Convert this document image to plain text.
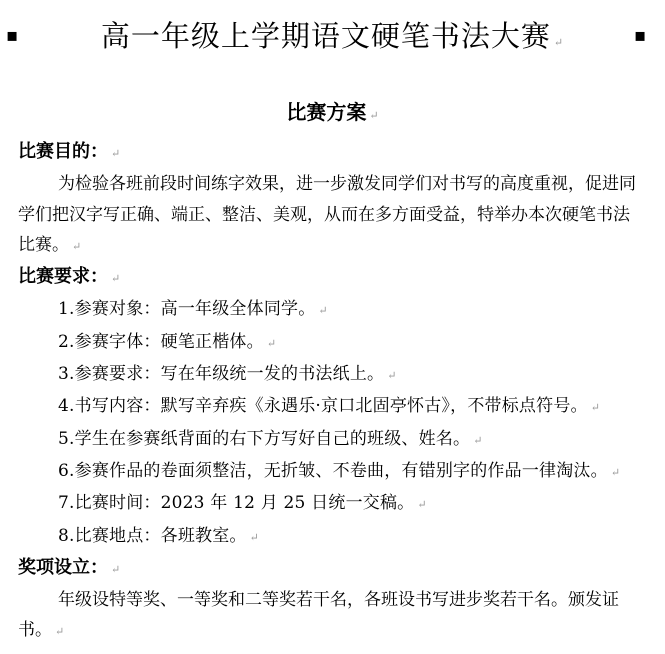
▪	▪
高一年级上学期语文硬笔书法大赛 ↵
比赛方案 ↵

比赛目的： ↵

为检验各班前段时间练字效果，进一步激发同学们对书写的高度重视，促进同学们把汉字写正确、端正、整洁、美观，从而在多方面受益，特举办本次硬笔书法比赛。 ↵

比赛要求： ↵

1.参赛对象：高一年级全体同学。 ↵

2.参赛字体：硬笔正楷体。 ↵

3.参赛要求：写在年级统一发的书法纸上。 ↵

4.书写内容：默写辛弃疾《永遇乐·京口北固亭怀古》，不带标点符号。 ↵

5.学生在参赛纸背面的右下方写好自己的班级、姓名。 ↵

6.参赛作品的卷面须整洁，无折皱、不卷曲，有错别字的作品一律淘汰。 ↵

7.比赛时间：2023 年 12 月 25 日统一交稿。 ↵

8.比赛地点：各班教室。 ↵

奖项设立： ↵

年级设特等奖、一等奖和二等奖若干名，各班设书写进步奖若干名。颁发证书。 ↵
